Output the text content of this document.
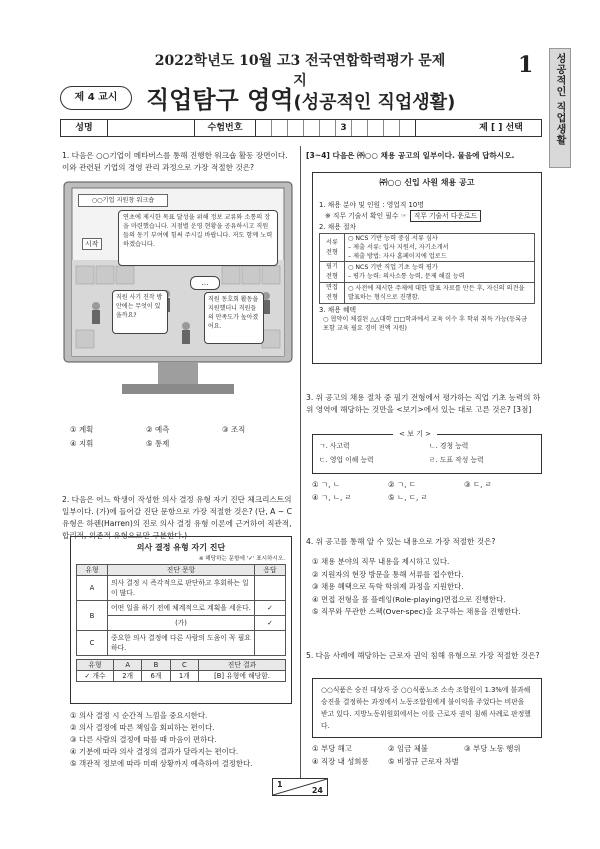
2022학년도 10월 고3 전국연합학력평가 문제지
1	성공적인 직업생활
제 4 교시	직업탐구 영역(성공적인 직업생활)
성명	수험번호	3	제 [ ] 선택
1. 다음은 ○○기업이 메타버스를 통해 진행한 워크숍 활동 장면이다. 이와 관련된 기업의 경영 관리 과정으로 가장 적절한 것은?
○○기업 지원창 워크숍
시작
연초에 제시한 목표 달성을 위해 정보 교류와 소통의 장을 마련했습니다. 지점별 운영 현황을 공유하시고 직원들의 동기 부여에 힘써 주시길 바랍니다. 저도 함께 노력하겠습니다.
…
직원 사기 진작 방안에는 무엇이 있을까요?
직원 동호회 활동을 지원했더니 직원들의 만족도가 높아졌어요.
① 계획	② 예측	③ 조직
④ 지휘	⑤ 통제
2. 다음은 어느 학생이 작성한 의사 결정 유형 자기 진단 체크리스트의 일부이다. (가)에 들어갈 진단 문항으로 가장 적절한 것은? (단, A ~ C유형은 하렌(Harren)의 진로 의사 결정 유형 이론에 근거하여 직관적, 합리적, 의존적 유형으로만 구분한다.)
의사 결정 유형 자기 진단
※ 해당하는 문항에 '✓' 표시하시오.
유형	진단 문항	응답
A	의사 결정 시 즉각적으로 판단하고 후회하는 일이 많다.	
B	어떤 일을 하기 전에 체계적으로 계획을 세운다.	✓
	(가)	✓
C	중요한 의사 결정에 다른 사람의 도움이 꼭 필요하다.	
유형	A	B	C	진단 결과
✓ 개수	2개	6개	1개	[B] 유형에 해당함.
① 의사 결정 시 순간적 느낌을 중요시한다.
② 의사 결정에 따른 책임을 회피하는 편이다.
③ 다른 사람의 결정에 따를 때 마음이 편하다.
④ 기분에 따라 의사 결정의 결과가 달라지는 편이다.
⑤ 객관적 정보에 따라 미래 상황까지 예측하여 결정한다.
[3~4] 다음은 ㈜○○ 채용 공고의 일부이다. 물음에 답하시오.
㈜○○ 신입 사원 채용 공고
1. 채용 분야 및 인원 : 영업직 10명
※ 직무 기술서 확인 필수 ☞	직무 기술서 다운로드
2. 채용 절차
서류 전형	○ NCS 기반 능력 중심 서류 심사
– 제출 서류: 입사 지원서, 자기소개서
– 제출 방법: 자사 홈페이지에 업로드

필기 전형	○ NCS 기반 직업 기초 능력 평가
– 평가 능력: 의사소통 능력, 문제 해결 능력

면접 전형	○ 사전에 제시한 주제에 대한 발표 자료를 만든 후, 자신의 의견을 발표하는 형식으로 진행함.
3. 채용 혜택
○ 협약이 체결된 △△대학 □□학과에서 교육 이수 후 학위 취득 가능(등록금 포함 교육 필요 경비 전액 지원)
3. 위 공고의 채용 절차 중 필기 전형에서 평가하는 직업 기초 능력의 하위 영역에 해당하는 것만을 <보기>에서 있는 대로 고른 것은? [3점]
< 보 기 >
ㄱ. 사고력	ㄴ. 경청 능력
ㄷ. 영업 이해 능력	ㄹ. 도표 작성 능력
① ㄱ, ㄴ	② ㄱ, ㄷ	③ ㄷ, ㄹ
④ ㄱ, ㄴ, ㄹ	⑤ ㄴ, ㄷ, ㄹ
4. 위 공고를 통해 알 수 있는 내용으로 가장 적절한 것은?
① 채용 분야의 직무 내용을 제시하고 있다.
② 지원자의 현장 방문을 통해 서류를 접수한다.
③ 채용 혜택으로 독학 학위제 과정을 지원한다.
④ 면접 전형을 롤 플레잉(Role-playing)면접으로 진행한다.
⑤ 직무와 무관한 스펙(Over-spec)을 요구하는 채용을 진행한다.
5. 다음 사례에 해당하는 근로자 권익 침해 유형으로 가장 적절한 것은?
○○식품은 승진 대상자 중 ○○식품노조 소속 조합원이 1.3%에 불과해 승진을 결정하는 과정에서 노동조합원에게 불이익을 주었다는 비판을 받고 있다. 지방노동위원회에서는 이를 근로자 권익 침해 사례로 판정했다.
① 부당 해고	② 임금 체불	③ 부당 노동 행위
④ 직장 내 성희롱	⑤ 비정규 근로자 차별
1
24
